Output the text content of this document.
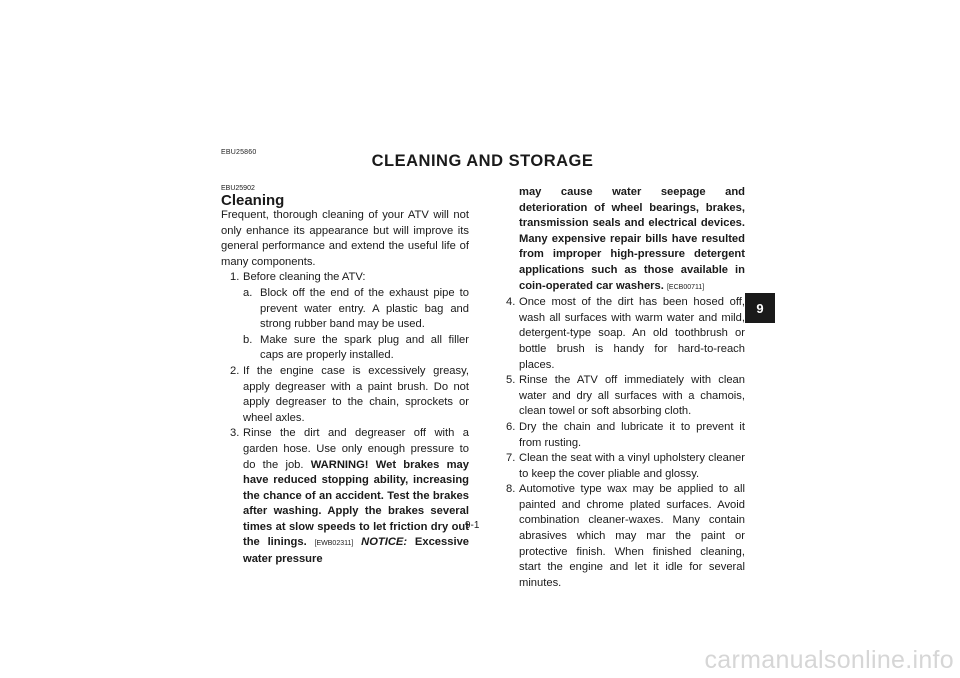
EBU25860	CLEANING AND STORAGE
EBU25902
Cleaning

Frequent, thorough cleaning of your ATV will not only enhance its appearance but will improve its general performance and extend the useful life of many components.

1. Before cleaning the ATV:
a. Block off the end of the exhaust pipe to prevent water entry. A plastic bag and strong rubber band may be used.
b. Make sure the spark plug and all filler caps are properly installed.
2. If the engine case is excessively greasy, apply degreaser with a paint brush. Do not apply degreaser to the chain, sprockets or wheel axles.
3. Rinse the dirt and degreaser off with a garden hose. Use only enough pressure to do the job. WARNING! Wet brakes may have reduced stopping ability, increasing the chance of an accident. Test the brakes after washing. Apply the brakes several times at slow speeds to let friction dry out the linings. [EWB02311] NOTICE: Excessive water pressure
may cause water seepage and deterioration of wheel bearings, brakes, transmission seals and electrical devices. Many expensive repair bills have resulted from improper high-pressure detergent applications such as those available in coin-operated car washers. [ECB00711]
4. Once most of the dirt has been hosed off, wash all surfaces with warm water and mild, detergent-type soap. An old toothbrush or bottle brush is handy for hard-to-reach places.
5. Rinse the ATV off immediately with clean water and dry all surfaces with a chamois, clean towel or soft absorbing cloth.
6. Dry the chain and lubricate it to prevent it from rusting.
7. Clean the seat with a vinyl upholstery cleaner to keep the cover pliable and glossy.
8. Automotive type wax may be applied to all painted and chrome plated surfaces. Avoid combination cleaner-waxes. Many contain abrasives which may mar the paint or protective finish. When finished cleaning, start the engine and let it idle for several minutes.
9-1
9
carmanualsonline.info
